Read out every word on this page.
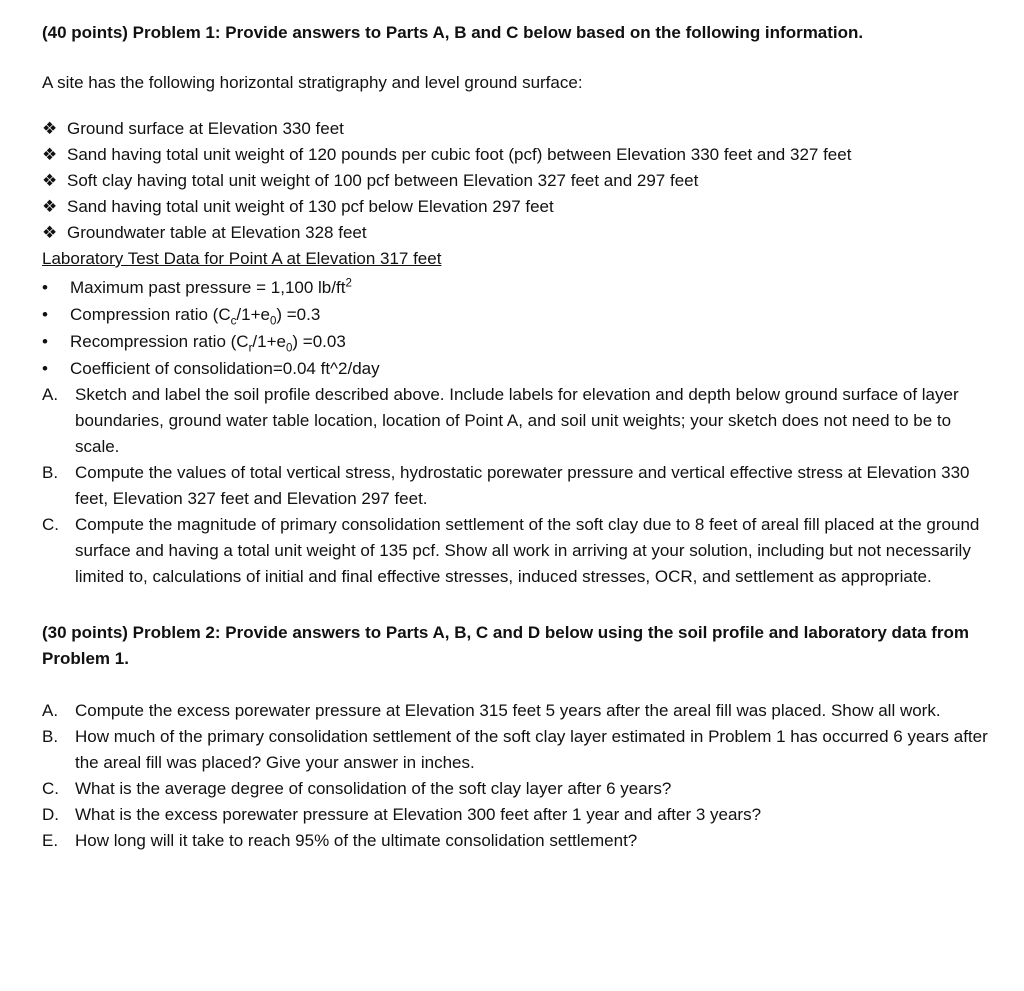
(40 points) Problem 1: Provide answers to Parts A, B and C below based on the following information.

A site has the following horizontal stratigraphy and level ground surface:

❖ Ground surface at Elevation 330 feet
❖ Sand having total unit weight of 120 pounds per cubic foot (pcf) between Elevation 330 feet and 327 feet
❖ Soft clay having total unit weight of 100 pcf between Elevation 327 feet and 297 feet
❖ Sand having total unit weight of 130 pcf below Elevation 297 feet
❖ Groundwater table at Elevation 328 feet

Laboratory Test Data for Point A at Elevation 317 feet

•	Maximum past pressure = 1,100 $lb/ft^2$
•	Compression ratio $(C_c/1+e_0) =0.3$
•	Recompression ratio $(C_r/1+e_0) =0.03$
•	Coefficient of consolidation=0.04 ft^2/day
A. Sketch and label the soil profile described above. Include labels for elevation and depth below ground surface of layer boundaries, ground water table location, location of Point A, and soil unit weights; your sketch does not need to be to scale.
B. Compute the values of total vertical stress, hydrostatic porewater pressure and vertical effective stress at Elevation 330 feet, Elevation 327 feet and Elevation 297 feet.
C. Compute the magnitude of primary consolidation settlement of the soft clay due to 8 feet of areal fill placed at the ground surface and having a total unit weight of 135 pcf. Show all work in arriving at your solution, including but not necessarily limited to, calculations of initial and final effective stresses, induced stresses, OCR, and settlement as appropriate.

(30 points) Problem 2: Provide answers to Parts A, B, C and D below using the soil profile and laboratory data from Problem 1.

A. Compute the excess porewater pressure at Elevation 315 feet 5 years after the areal fill was placed. Show all work.
B. How much of the primary consolidation settlement of the soft clay layer estimated in Problem 1 has occurred 6 years after the areal fill was placed? Give your answer in inches.
C. What is the average degree of consolidation of the soft clay layer after 6 years?
D. What is the excess porewater pressure at Elevation 300 feet after 1 year and after 3 years?
E. How long will it take to reach 95% of the ultimate consolidation settlement?
